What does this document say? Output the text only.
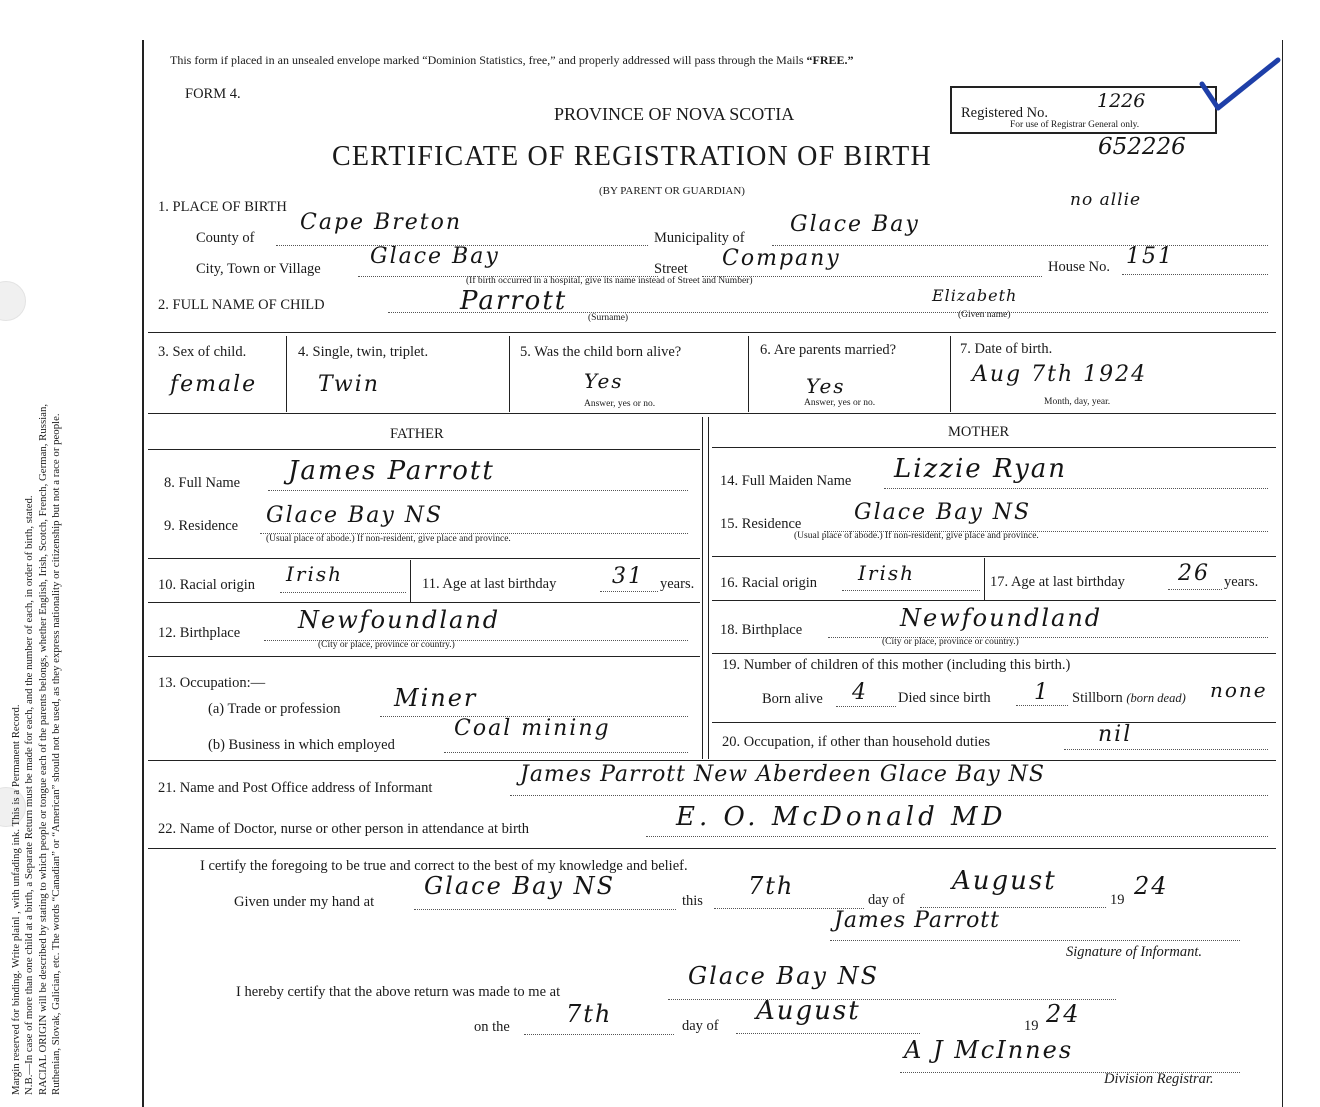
Margin reserved for binding. Write plainl , with unfading ink. This is a Permanent Record. N.B.—In case of more than one child at a birth, a Separate Return must be made for each, and the number of each, in order of birth, stated. RACIAL ORIGIN will be described by stating to which people or tongue each of the parents belongs, whether English, Irish, Scotch, French, German, Russian, Ruthenian, Slovak, Galician, etc. The words “Canadian” or “American” should not be used, as they express nationality or citizenship but not a race or people.
This form if placed in an unsealed envelope marked “Dominion Statistics, free,” and properly addressed will pass through the Mails “FREE.”
FORM 4.
PROVINCE OF NOVA SCOTIA
CERTIFICATE OF REGISTRATION OF BIRTH
(BY PARENT OR GUARDIAN)
Registered No.
1226
For use of Registrar General only.
652226
1. PLACE OF BIRTH
County of
Cape Breton
Municipality of
Glace Bay
no allie
City, Town or Village Glace Bay	Street Company	House No. 151
(If birth occurred in a hospital, give its name instead of Street and Number)
2. FULL NAME OF CHILD	Parrott
(Surname)
Elizabeth
(Given name)
3. Sex of child.
female
4. Single, twin, triplet.
Twin
5. Was the child born alive?
Yes
Answer, yes or no.
6. Are parents married?
Yes
Answer, yes or no.
7. Date of birth.
Aug 7th 1924
Month, day, year.
FATHER	MOTHER
8. Full Name James Parrott
9. Residence Glace Bay NS
(Usual place of abode.) If non-resident, give place and province.
10. Racial origin Irish	11. Age at last birthday	31 years.
12. Birthplace Newfoundland
(City or place, province or country.)
13. Occupation:—
(a) Trade or profession Miner
(b) Business in which employed
Coal mining
14. Full Maiden Name Lizzie Ryan
15. Residence Glace Bay NS
(Usual place of abode.) If non-resident, give place and province.
16. Racial origin Irish	17. Age at last birthday 26 years.
18. Birthplace	Newfoundland
(City or place, province or country.)
19. Number of children of this mother (including this birth.)
Born alive 4 Died since birth 1 Stillborn (born dead) none
20. Occupation, if other than household duties	nil
21. Name and Post Office address of Informant
James Parrott New Aberdeen Glace Bay NS
22. Name of Doctor, nurse or other person in attendance at birth	E. O. McDonald MD
I certify the foregoing to be true and correct to the best of my knowledge and belief.
Given under my hand at
Glace Bay NS
this
7th	day of
August
19 24
James Parrott
Signature of Informant.
I hereby certify that the above return was made to me at
Glace Bay NS
on the 7th	day of August	19 24
A J McInnes
Division Registrar.
